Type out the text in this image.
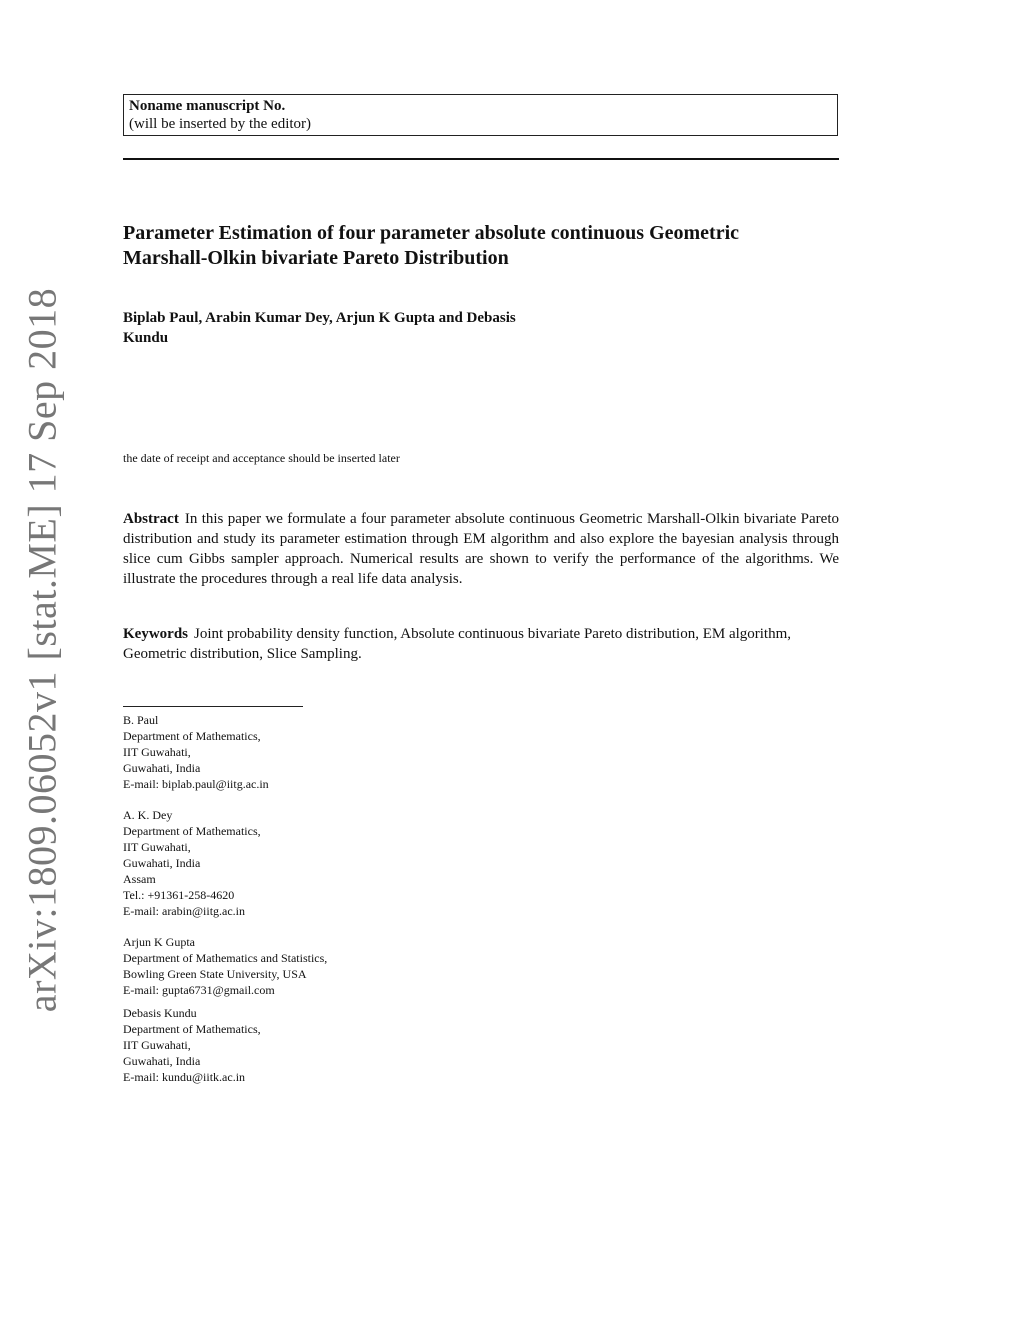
arXiv:1809.06052v1 [stat.ME] 17 Sep 2018
Noname manuscript No.
(will be inserted by the editor)
Parameter Estimation of four parameter absolute continuous Geometric
Marshall-Olkin bivariate Pareto Distribution
Biplab Paul, Arabin Kumar Dey, Arjun K Gupta and Debasis
Kundu
the date of receipt and acceptance should be inserted later
Abstract In this paper we formulate a four parameter absolute continuous Geometric Marshall-Olkin bivariate Pareto distribution and study its parameter estimation through EM algorithm and also explore the bayesian analysis through slice cum Gibbs sampler approach. Numerical results are shown to verify the performance of the algorithms. We illustrate the procedures through a real life data analysis.
Keywords Joint probability density function, Absolute continuous bivariate Pareto distribution, EM algorithm, Geometric distribution, Slice Sampling.
B. Paul
Department of Mathematics,
IIT Guwahati,
Guwahati, India
E-mail: biplab.paul@iitg.ac.in
A. K. Dey
Department of Mathematics,
IIT Guwahati,
Guwahati, India
Assam
Tel.: +91361-258-4620
E-mail: arabin@iitg.ac.in
Arjun K Gupta
Department of Mathematics and Statistics,
Bowling Green State University, USA
E-mail: gupta6731@gmail.com
Debasis Kundu
Department of Mathematics,
IIT Guwahati,
Guwahati, India
E-mail: kundu@iitk.ac.in
